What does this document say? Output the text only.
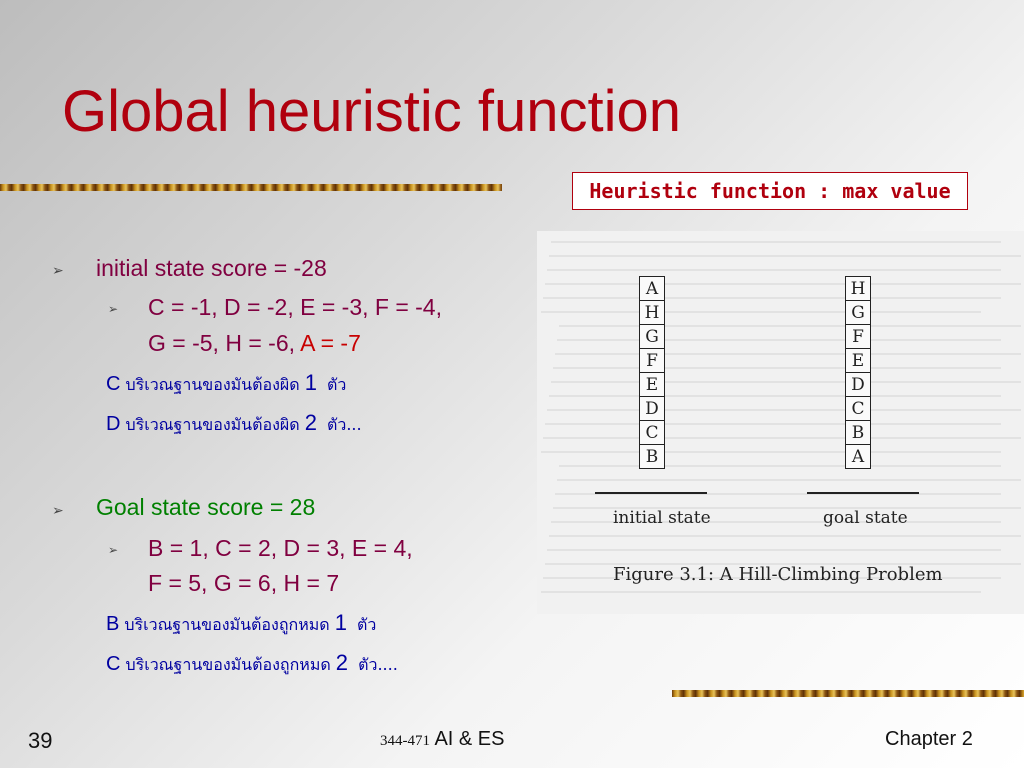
Global heuristic function
Heuristic function : max value
➢ initial state score = -28
➢ C = -1, D = -2, E = -3, F = -4,
G = -5, H = -6, A = -7
C บริเวณฐานของมันต้องผิด 1 ตัว
D บริเวณฐานของมันต้องผิด 2 ตัว...
➢ Goal state score = 28
➢ B = 1, C = 2, D = 3, E = 4,
F = 5, G = 6, H = 7
B บริเวณฐานของมันต้องถูกหมด 1 ตัว
C บริเวณฐานของมันต้องถูกหมด 2 ตัว....
A
H
G
F
E
D
C
B
H
G
F
E
D
C
B
A
initial state	goal state
Figure 3.1: A Hill-Climbing Problem
39	344-471 AI & ES	Chapter 2
